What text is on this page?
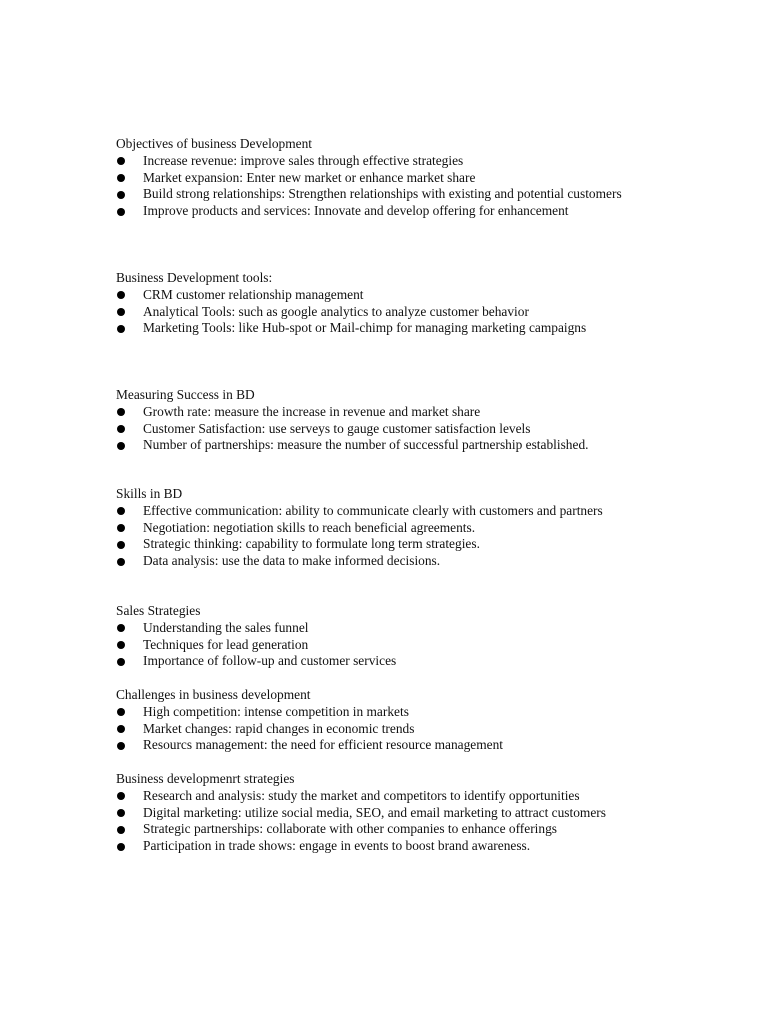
Objectives of business Development
Increase revenue: improve sales through effective strategies
Market expansion: Enter new market or enhance market share
Build strong relationships: Strengthen relationships with existing and potential customers
Improve products and services: Innovate and develop offering for enhancement
Business Development tools:
CRM customer relationship management
Analytical Tools: such as google analytics to analyze customer behavior
Marketing Tools: like Hub-spot or Mail-chimp for managing marketing campaigns
Measuring Success in BD
Growth rate: measure the increase in revenue and market share
Customer Satisfaction: use serveys to gauge customer satisfaction levels
Number of partnerships: measure the number of successful partnership established.
Skills in BD
Effective communication: ability to communicate clearly with customers and partners
Negotiation: negotiation skills to reach beneficial agreements.
Strategic thinking: capability to formulate long term strategies.
Data analysis: use the data to make informed decisions.
Sales Strategies
Understanding the sales funnel
Techniques for lead generation
Importance of follow-up and customer services
Challenges in business development
High competition: intense competition in markets
Market changes: rapid changes in economic trends
Resourcs management: the need for efficient resource management
Business developmenrt strategies
Research and analysis: study the market and competitors to identify opportunities
Digital marketing: utilize social media, SEO, and email marketing to attract customers
Strategic partnerships: collaborate with other companies to enhance offerings
Participation in trade shows: engage in events to boost brand awareness.
